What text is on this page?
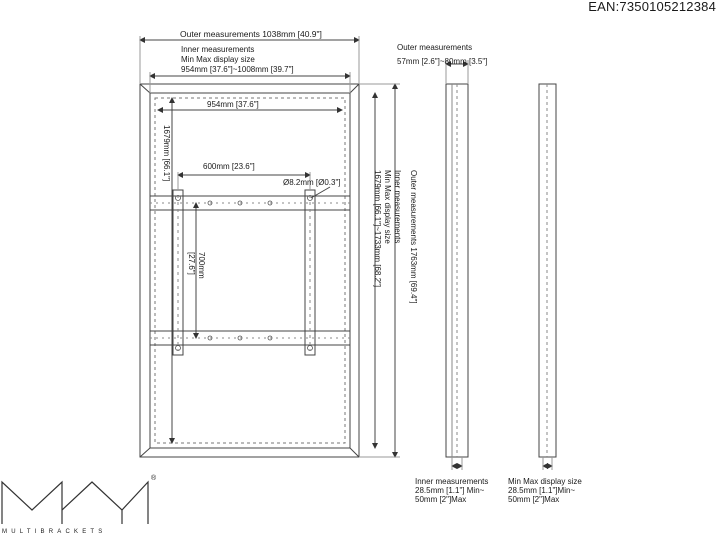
EAN:7350105212384
Outer measurements 1038mm [40.9"]
Inner measurements
Min Max display size
954mm [37.6"]~1008mm [39.7"]
954mm [37.6"]
600mm [23.6"]
Ø8.2mm [Ø0.3"]
1679mm [66.1"]
700mm
[27.6"]
Inner measurements
Min Max display size
1679mm [66.1"]~1733mm [68.2"]	Outer measurements 1763mm [69.4"]
Outer measurements
57mm [2.6"]~80mm [3.5"]
Inner measurements
28.5mm [1.1"] Min~
50mm [2"]Max
Min Max display size
28.5mm [1.1"]Min~
50mm [2"]Max
MULTIBRACKETS
®
